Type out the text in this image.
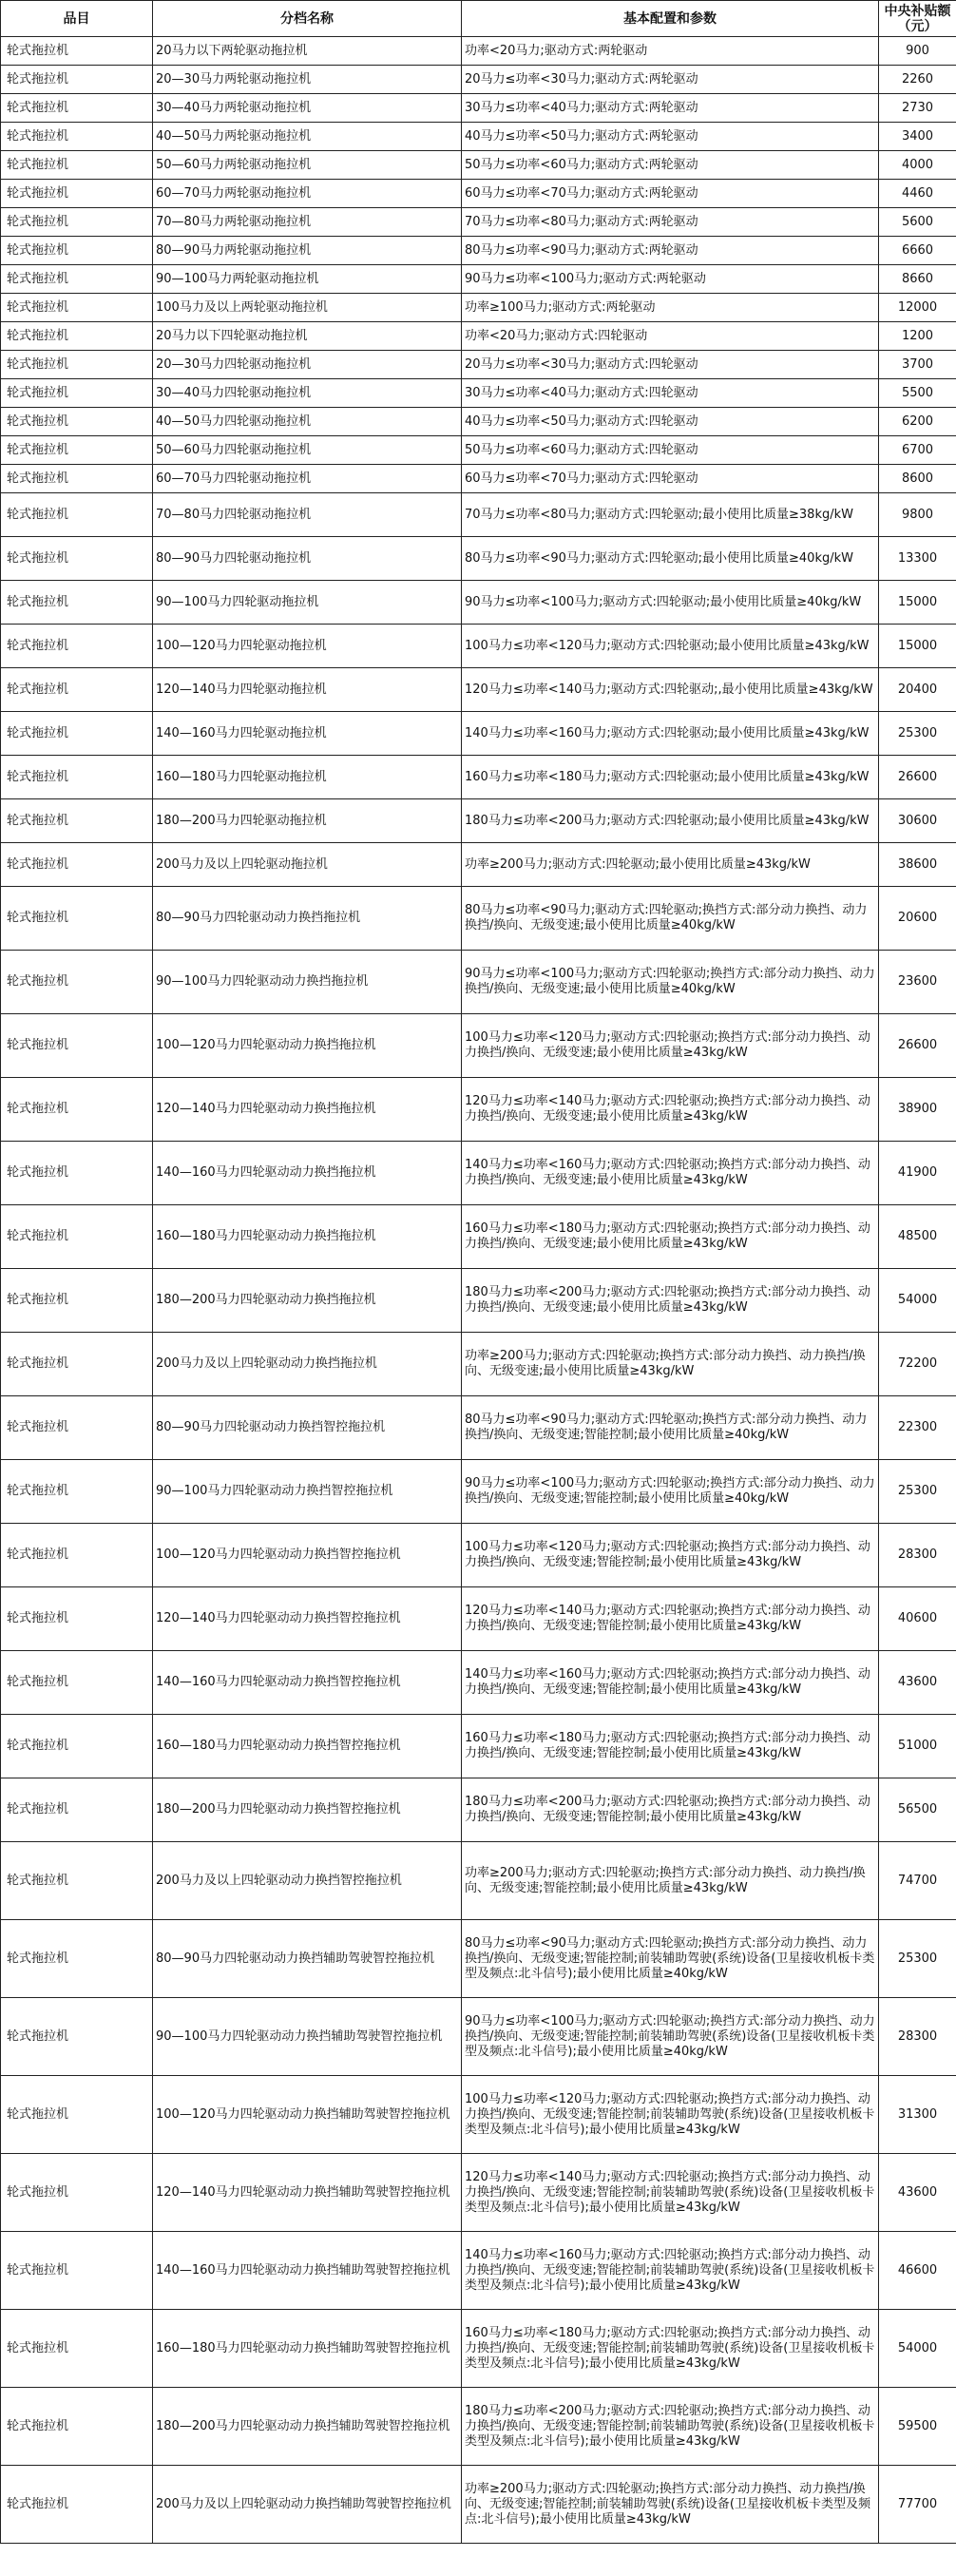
品目	分档名称	基本配置和参数	中央补贴额（元）
轮式拖拉机	20马力以下两轮驱动拖拉机	功率<20马力;驱动方式:两轮驱动	900
轮式拖拉机	20—30马力两轮驱动拖拉机	20马力≤功率<30马力;驱动方式:两轮驱动	2260
轮式拖拉机	30—40马力两轮驱动拖拉机	30马力≤功率<40马力;驱动方式:两轮驱动	2730
轮式拖拉机	40—50马力两轮驱动拖拉机	40马力≤功率<50马力;驱动方式:两轮驱动	3400
轮式拖拉机	50—60马力两轮驱动拖拉机	50马力≤功率<60马力;驱动方式:两轮驱动	4000
轮式拖拉机	60—70马力两轮驱动拖拉机	60马力≤功率<70马力;驱动方式:两轮驱动	4460
轮式拖拉机	70—80马力两轮驱动拖拉机	70马力≤功率<80马力;驱动方式:两轮驱动	5600
轮式拖拉机	80—90马力两轮驱动拖拉机	80马力≤功率<90马力;驱动方式:两轮驱动	6660
轮式拖拉机	90—100马力两轮驱动拖拉机	90马力≤功率<100马力;驱动方式:两轮驱动	8660
轮式拖拉机	100马力及以上两轮驱动拖拉机	功率≥100马力;驱动方式:两轮驱动	12000
轮式拖拉机	20马力以下四轮驱动拖拉机	功率<20马力;驱动方式:四轮驱动	1200
轮式拖拉机	20—30马力四轮驱动拖拉机	20马力≤功率<30马力;驱动方式:四轮驱动	3700
轮式拖拉机	30—40马力四轮驱动拖拉机	30马力≤功率<40马力;驱动方式:四轮驱动	5500
轮式拖拉机	40—50马力四轮驱动拖拉机	40马力≤功率<50马力;驱动方式:四轮驱动	6200
轮式拖拉机	50—60马力四轮驱动拖拉机	50马力≤功率<60马力;驱动方式:四轮驱动	6700
轮式拖拉机	60—70马力四轮驱动拖拉机	60马力≤功率<70马力;驱动方式:四轮驱动	8600
轮式拖拉机	70—80马力四轮驱动拖拉机	70马力≤功率<80马力;驱动方式:四轮驱动;最小使用比质量≥38kg/kW	9800
轮式拖拉机	80—90马力四轮驱动拖拉机	80马力≤功率<90马力;驱动方式:四轮驱动;最小使用比质量≥40kg/kW	13300
轮式拖拉机	90—100马力四轮驱动拖拉机	90马力≤功率<100马力;驱动方式:四轮驱动;最小使用比质量≥40kg/kW	15000
轮式拖拉机	100—120马力四轮驱动拖拉机	100马力≤功率<120马力;驱动方式:四轮驱动;最小使用比质量≥43kg/kW	15000
轮式拖拉机	120—140马力四轮驱动拖拉机	120马力≤功率<140马力;驱动方式:四轮驱动;,最小使用比质量≥43kg/kW	20400
轮式拖拉机	140—160马力四轮驱动拖拉机	140马力≤功率<160马力;驱动方式:四轮驱动;最小使用比质量≥43kg/kW	25300
轮式拖拉机	160—180马力四轮驱动拖拉机	160马力≤功率<180马力;驱动方式:四轮驱动;最小使用比质量≥43kg/kW	26600
轮式拖拉机	180—200马力四轮驱动拖拉机	180马力≤功率<200马力;驱动方式:四轮驱动;最小使用比质量≥43kg/kW	30600
轮式拖拉机	200马力及以上四轮驱动拖拉机	功率≥200马力;驱动方式:四轮驱动;最小使用比质量≥43kg/kW	38600
轮式拖拉机	80—90马力四轮驱动动力换挡拖拉机	80马力≤功率<90马力;驱动方式:四轮驱动;换挡方式:部分动力换挡、动力换挡/换向、无级变速;最小使用比质量≥40kg/kW	20600
轮式拖拉机	90—100马力四轮驱动动力换挡拖拉机	90马力≤功率<100马力;驱动方式:四轮驱动;换挡方式:部分动力换挡、动力换挡/换向、无级变速;最小使用比质量≥40kg/kW	23600
轮式拖拉机	100—120马力四轮驱动动力换挡拖拉机	100马力≤功率<120马力;驱动方式:四轮驱动;换挡方式:部分动力换挡、动力换挡/换向、无级变速;最小使用比质量≥43kg/kW	26600
轮式拖拉机	120—140马力四轮驱动动力换挡拖拉机	120马力≤功率<140马力;驱动方式:四轮驱动;换挡方式:部分动力换挡、动力换挡/换向、无级变速;最小使用比质量≥43kg/kW	38900
轮式拖拉机	140—160马力四轮驱动动力换挡拖拉机	140马力≤功率<160马力;驱动方式:四轮驱动;换挡方式:部分动力换挡、动力换挡/换向、无级变速;最小使用比质量≥43kg/kW	41900
轮式拖拉机	160—180马力四轮驱动动力换挡拖拉机	160马力≤功率<180马力;驱动方式:四轮驱动;换挡方式:部分动力换挡、动力换挡/换向、无级变速;最小使用比质量≥43kg/kW	48500
轮式拖拉机	180—200马力四轮驱动动力换挡拖拉机	180马力≤功率<200马力;驱动方式:四轮驱动;换挡方式:部分动力换挡、动力换挡/换向、无级变速;最小使用比质量≥43kg/kW	54000
轮式拖拉机	200马力及以上四轮驱动动力换挡拖拉机	功率≥200马力;驱动方式:四轮驱动;换挡方式:部分动力换挡、动力换挡/换向、无级变速;最小使用比质量≥43kg/kW	72200
轮式拖拉机	80—90马力四轮驱动动力换挡智控拖拉机	80马力≤功率<90马力;驱动方式:四轮驱动;换挡方式:部分动力换挡、动力换挡/换向、无级变速;智能控制;最小使用比质量≥40kg/kW	22300
轮式拖拉机	90—100马力四轮驱动动力换挡智控拖拉机	90马力≤功率<100马力;驱动方式:四轮驱动;换挡方式:部分动力换挡、动力换挡/换向、无级变速;智能控制;最小使用比质量≥40kg/kW	25300
轮式拖拉机	100—120马力四轮驱动动力换挡智控拖拉机	100马力≤功率<120马力;驱动方式:四轮驱动;换挡方式:部分动力换挡、动力换挡/换向、无级变速;智能控制;最小使用比质量≥43kg/kW	28300
轮式拖拉机	120—140马力四轮驱动动力换挡智控拖拉机	120马力≤功率<140马力;驱动方式:四轮驱动;换挡方式:部分动力换挡、动力换挡/换向、无级变速;智能控制;最小使用比质量≥43kg/kW	40600
轮式拖拉机	140—160马力四轮驱动动力换挡智控拖拉机	140马力≤功率<160马力;驱动方式:四轮驱动;换挡方式:部分动力换挡、动力换挡/换向、无级变速;智能控制;最小使用比质量≥43kg/kW	43600
轮式拖拉机	160—180马力四轮驱动动力换挡智控拖拉机	160马力≤功率<180马力;驱动方式:四轮驱动;换挡方式:部分动力换挡、动力换挡/换向、无级变速;智能控制;最小使用比质量≥43kg/kW	51000
轮式拖拉机	180—200马力四轮驱动动力换挡智控拖拉机	180马力≤功率<200马力;驱动方式:四轮驱动;换挡方式:部分动力换挡、动力换挡/换向、无级变速;智能控制;最小使用比质量≥43kg/kW	56500
轮式拖拉机	200马力及以上四轮驱动动力换挡智控拖拉机	功率≥200马力;驱动方式:四轮驱动;换挡方式:部分动力换挡、动力换挡/换向、无级变速;智能控制;最小使用比质量≥43kg/kW	74700
轮式拖拉机	80—90马力四轮驱动动力换挡辅助驾驶智控拖拉机	80马力≤功率<90马力;驱动方式:四轮驱动;换挡方式:部分动力换挡、动力换挡/换向、无级变速;智能控制;前装辅助驾驶(系统)设备(卫星接收机板卡类型及频点:北斗信号);最小使用比质量≥40kg/kW	25300
轮式拖拉机	90—100马力四轮驱动动力换挡辅助驾驶智控拖拉机	90马力≤功率<100马力;驱动方式:四轮驱动;换挡方式:部分动力换挡、动力换挡/换向、无级变速;智能控制;前装辅助驾驶(系统)设备(卫星接收机板卡类型及频点:北斗信号);最小使用比质量≥40kg/kW	28300
轮式拖拉机	100—120马力四轮驱动动力换挡辅助驾驶智控拖拉机	100马力≤功率<120马力;驱动方式:四轮驱动;换挡方式:部分动力换挡、动力换挡/换向、无级变速;智能控制;前装辅助驾驶(系统)设备(卫星接收机板卡类型及频点:北斗信号);最小使用比质量≥43kg/kW	31300
轮式拖拉机	120—140马力四轮驱动动力换挡辅助驾驶智控拖拉机	120马力≤功率<140马力;驱动方式:四轮驱动;换挡方式:部分动力换挡、动力换挡/换向、无级变速;智能控制;前装辅助驾驶(系统)设备(卫星接收机板卡类型及频点:北斗信号);最小使用比质量≥43kg/kW	43600
轮式拖拉机	140—160马力四轮驱动动力换挡辅助驾驶智控拖拉机	140马力≤功率<160马力;驱动方式:四轮驱动;换挡方式:部分动力换挡、动力换挡/换向、无级变速;智能控制;前装辅助驾驶(系统)设备(卫星接收机板卡类型及频点:北斗信号);最小使用比质量≥43kg/kW	46600
轮式拖拉机	160—180马力四轮驱动动力换挡辅助驾驶智控拖拉机	160马力≤功率<180马力;驱动方式:四轮驱动;换挡方式:部分动力换挡、动力换挡/换向、无级变速;智能控制;前装辅助驾驶(系统)设备(卫星接收机板卡类型及频点:北斗信号);最小使用比质量≥43kg/kW	54000
轮式拖拉机	180—200马力四轮驱动动力换挡辅助驾驶智控拖拉机	180马力≤功率<200马力;驱动方式:四轮驱动;换挡方式:部分动力换挡、动力换挡/换向、无级变速;智能控制;前装辅助驾驶(系统)设备(卫星接收机板卡类型及频点:北斗信号);最小使用比质量≥43kg/kW	59500
轮式拖拉机	200马力及以上四轮驱动动力换挡辅助驾驶智控拖拉机	功率≥200马力;驱动方式:四轮驱动;换挡方式:部分动力换挡、动力换挡/换向、无级变速;智能控制;前装辅助驾驶(系统)设备(卫星接收机板卡类型及频点:北斗信号);最小使用比质量≥43kg/kW	77700
